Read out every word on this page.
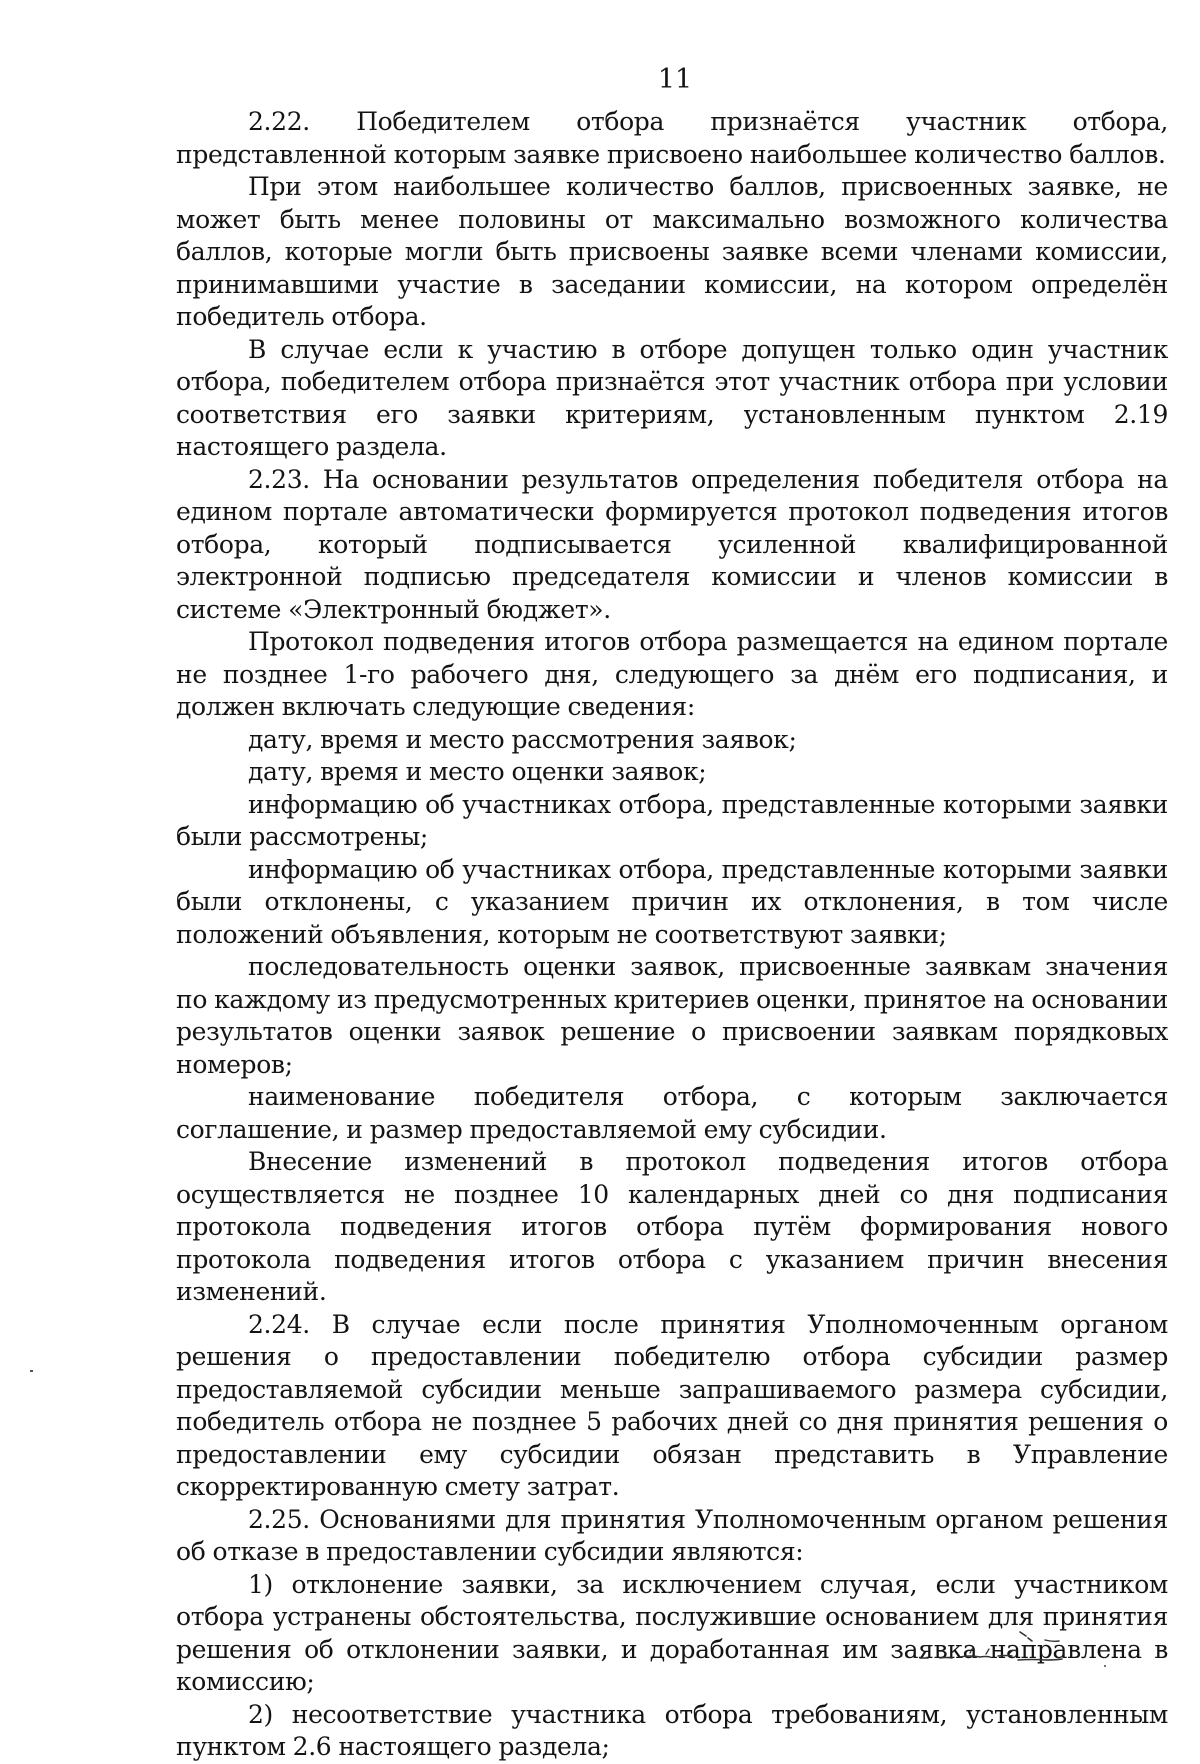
11

2.22. Победителем отбора признаётся участник отбора, представленной которым заявке присвоено наибольшее количество баллов.

При этом наибольшее количество баллов, присвоенных заявке, не может быть менее половины от максимально возможного количества баллов, которые могли быть присвоены заявке всеми членами комиссии, принимавшими участие в заседании комиссии, на котором определён победитель отбора.

В случае если к участию в отборе допущен только один участник отбора, победителем отбора признаётся этот участник отбора при условии соответствия его заявки критериям, установленным пунктом 2.19 настоящего раздела.

2.23. На основании результатов определения победителя отбора на едином портале автоматически формируется протокол подведения итогов отбора, который подписывается усиленной квалифицированной электронной подписью председателя комиссии и членов комиссии в системе «Электронный бюджет».

Протокол подведения итогов отбора размещается на едином портале не позднее 1-го рабочего дня, следующего за днём его подписания, и должен включать следующие сведения:

дату, время и место рассмотрения заявок;

дату, время и место оценки заявок;

информацию об участниках отбора, представленные которыми заявки были рассмотрены;

информацию об участниках отбора, представленные которыми заявки были отклонены, с указанием причин их отклонения, в том числе положений объявления, которым не соответствуют заявки;

последовательность оценки заявок, присвоенные заявкам значения по каждому из предусмотренных критериев оценки, принятое на основании результатов оценки заявок решение о присвоении заявкам порядковых номеров;

наименование победителя отбора, с которым заключается соглашение, и размер предоставляемой ему субсидии.

Внесение изменений в протокол подведения итогов отбора осуществляется не позднее 10 календарных дней со дня подписания протокола подведения итогов отбора путём формирования нового протокола подведения итогов отбора с указанием причин внесения изменений.

2.24. В случае если после принятия Уполномоченным органом решения о предоставлении победителю отбора субсидии размер предоставляемой субсидии меньше запрашиваемого размера субсидии, победитель отбора не позднее 5 рабочих дней со дня принятия решения о предоставлении ему субсидии обязан представить в Управление скорректированную смету затрат.

2.25. Основаниями для принятия Уполномоченным органом решения об отказе в предоставлении субсидии являются:

1) отклонение заявки, за исключением случая, если участником отбора устранены обстоятельства, послужившие основанием для принятия решения об отклонении заявки, и доработанная им заявка направлена в комиссию;

2) несоответствие участника отбора требованиям, установленным пунктом 2.6 настоящего раздела;
